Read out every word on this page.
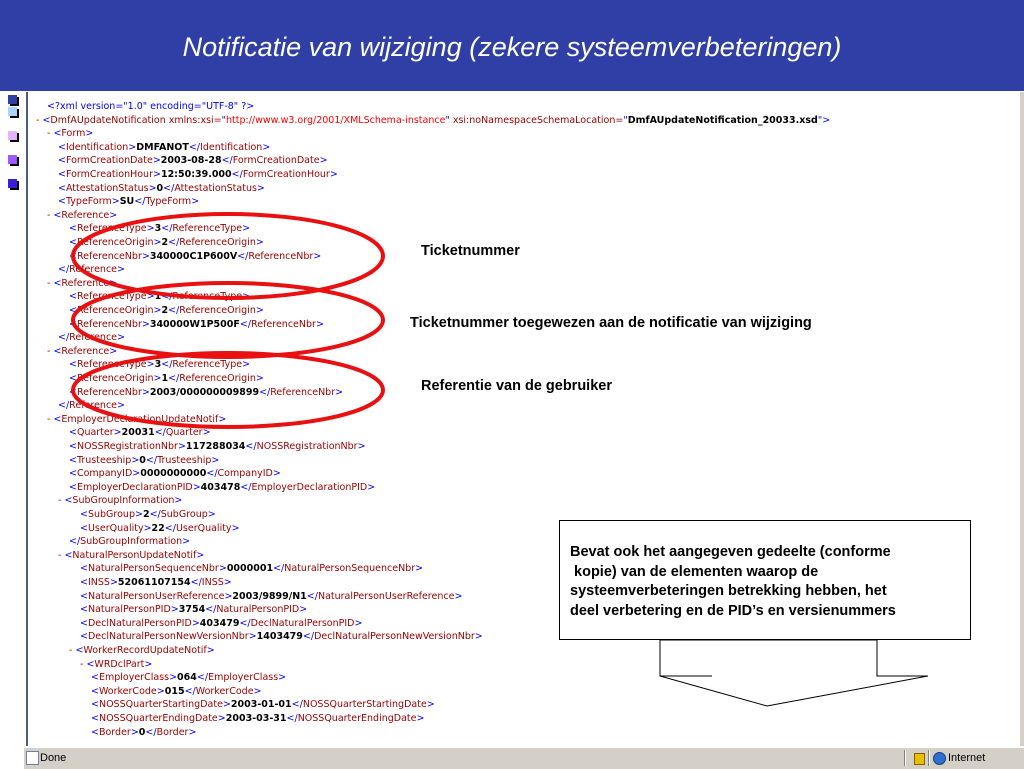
Notificatie van wijziging (zekere systeemverbeteringen)
<?xml version="1.0" encoding="UTF-8" ?>
- <DmfAUpdateNotification xmlns:xsi="http://www.w3.org/2001/XMLSchema-instance" xsi:noNamespaceSchemaLocation="DmfAUpdateNotification_20033.xsd">
- <Form>
<Identification>DMFANOT</Identification>
<FormCreationDate>2003-08-28</FormCreationDate>
<FormCreationHour>12:50:39.000</FormCreationHour>
<AttestationStatus>0</AttestationStatus>
<TypeForm>SU</TypeForm>
- <Reference>
<ReferenceType>3</ReferenceType>
<ReferenceOrigin>2</ReferenceOrigin>
<ReferenceNbr>340000C1P600V</ReferenceNbr>
</Reference>
- <Reference>
<ReferenceType>1</ReferenceType>
<ReferenceOrigin>2</ReferenceOrigin>
<ReferenceNbr>340000W1P500F</ReferenceNbr>
</Reference>
- <Reference>
<ReferenceType>3</ReferenceType>
<ReferenceOrigin>1</ReferenceOrigin>
<ReferenceNbr>2003/000000009899</ReferenceNbr>
</Reference>
- <EmployerDeclarationUpdateNotif>
<Quarter>20031</Quarter>
<NOSSRegistrationNbr>117288034</NOSSRegistrationNbr>
<Trusteeship>0</Trusteeship>
<CompanyID>0000000000</CompanyID>
<EmployerDeclarationPID>403478</EmployerDeclarationPID>
- <SubGroupInformation>
<SubGroup>2</SubGroup>
<UserQuality>22</UserQuality>
</SubGroupInformation>
- <NaturalPersonUpdateNotif>
<NaturalPersonSequenceNbr>0000001</NaturalPersonSequenceNbr>
<INSS>52061107154</INSS>
<NaturalPersonUserReference>2003/9899/N1</NaturalPersonUserReference>
<NaturalPersonPID>3754</NaturalPersonPID>
<DeclNaturalPersonPID>403479</DeclNaturalPersonPID>
<DeclNaturalPersonNewVersionNbr>1403479</DeclNaturalPersonNewVersionNbr>
- <WorkerRecordUpdateNotif>
- <WRDclPart>
<EmployerClass>064</EmployerClass>
<WorkerCode>015</WorkerCode>
<NOSSQuarterStartingDate>2003-01-01</NOSSQuarterStartingDate>
<NOSSQuarterEndingDate>2003-03-31</NOSSQuarterEndingDate>
<Border>0</Border>
Ticketnummer
Ticketnummer toegewezen aan de notificatie van wijziging
Referentie van de gebruiker
Bevat ook het aangegeven gedeelte (conforme
kopie) van de elementen waarop de
systeemverbeteringen betrekking hebben, het
deel verbetering en de PID’s en versienummers
Done	Internet
